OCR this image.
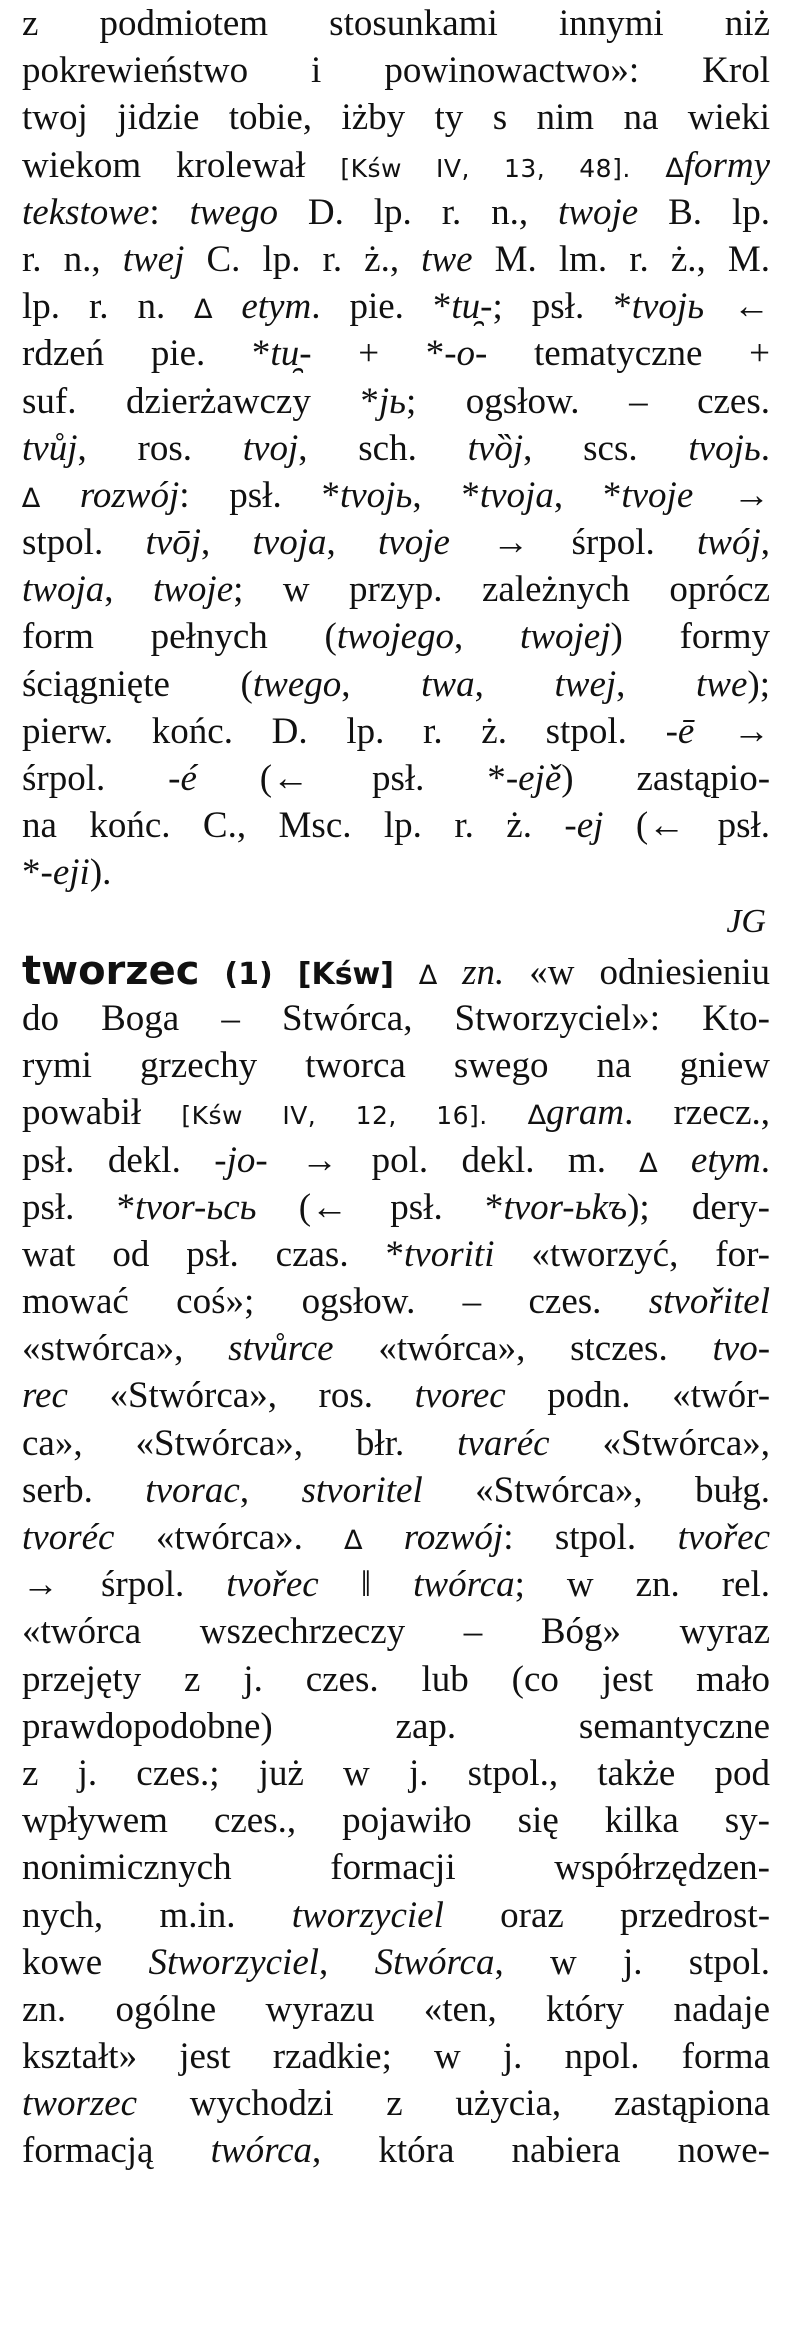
z podmiotem stosunkami innymi niż
pokrewieństwo i powinowactwo»: Krol
twoj jidzie tobie, iżby ty s nim na wieki
wiekom krolewał [Kśw IV, 13, 48]. ∆formy
tekstowe: twego D. lp. r. n., twoje B. lp.
r. n., twej C. lp. r. ż., twe M. lm. r. ż., M.
lp. r. n. ∆ etym. pie. *tu̯-; psł. *tvojь ←
rdzeń pie. *tu̯- + *-o- tematyczne +
suf. dzierżawczy *jь; ogsłow. – czes.
tvůj, ros. tvoj, sch. tvȍj, scs. tvojь.
∆ rozwój: psł. *tvojь, *tvoja, *tvoje →
stpol. tvōj, tvoja, tvoje → śrpol. twój,
twoja, twoje; w przyp. zależnych oprócz
form pełnych (twojego, twojej) formy
ściągnięte (twego, twa, twej, twe);
pierw. końc. D. lp. r. ż. stpol. -ē →
śrpol. -é (← psł. *-ejě) zastąpio-
na końc. C., Msc. lp. r. ż. -ej (← psł.
*-eji).
JG
tworzec (1) [Kśw] ∆ zn. «w odniesieniu
do Boga – Stwórca, Stworzyciel»: Kto-
rymi grzechy tworca swego na gniew
powabił [Kśw IV, 12, 16]. ∆gram. rzecz.,
psł. dekl. -jo- → pol. dekl. m. ∆ etym.
psł. *tvor-ьcь (← psł. *tvor-ьkъ); dery-
wat od psł. czas. *tvoriti «tworzyć, for-
mować coś»; ogsłow. – czes. stvořitel
«stwórca», stvůrce «twórca», stczes. tvo-
rec «Stwórca», ros. tvorec podn. «twór-
ca», «Stwórca», błr. tvaréc «Stwórca»,
serb. tvorac, stvoritel «Stwórca», bułg.
tvoréc «twórca». ∆ rozwój: stpol. tvořec
→ śrpol. tvořec ‖ twórca; w zn. rel.
«twórca wszechrzeczy – Bóg» wyraz
przejęty z j. czes. lub (co jest mało
prawdopodobne) zap. semantyczne
z j. czes.; już w j. stpol., także pod
wpływem czes., pojawiło się kilka sy-
nonimicznych formacji współrzędzen-
nych, m.in. tworzyciel oraz przedrost-
kowe Stworzyciel, Stwórca, w j. stpol.
zn. ogólne wyrazu «ten, który nadaje
kształt» jest rzadkie; w j. npol. forma
tworzec wychodzi z użycia, zastąpiona
formacją twórca, która nabiera nowe-
